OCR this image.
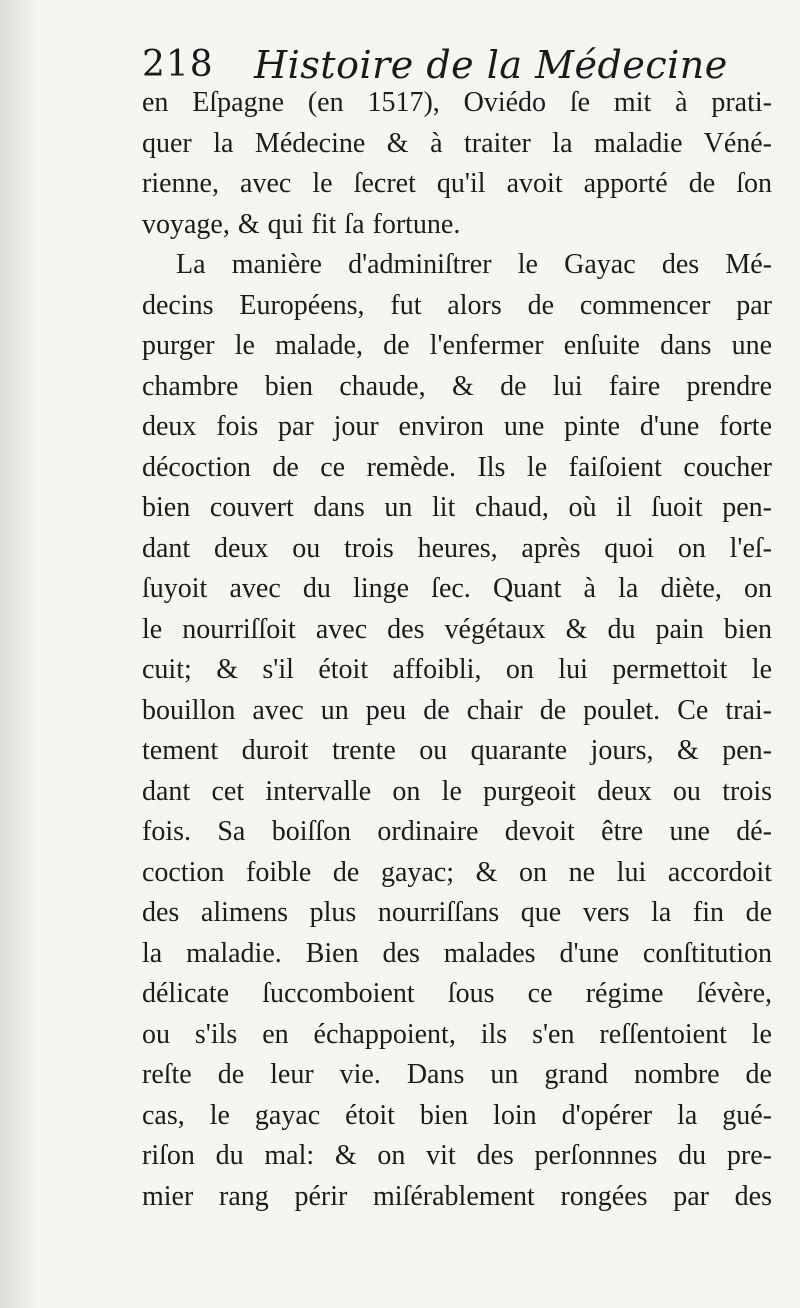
218 Histoire de la Médecine
en Eſpagne (en 1517), Oviédo ſe mit à prati-
quer la Médecine & à traiter la maladie Véné-
rienne, avec le ſecret qu'il avoit apporté de ſon
voyage, & qui fit ſa fortune.
La manière d'adminiſtrer le Gayac des Mé-
decins Européens, fut alors de commencer par
purger le malade, de l'enfermer enſuite dans une
chambre bien chaude, & de lui faire prendre
deux fois par jour environ une pinte d'une forte
décoction de ce remède. Ils le faiſoient coucher
bien couvert dans un lit chaud, où il ſuoit pen-
dant deux ou trois heures, après quoi on l'eſ-
ſuyoit avec du linge ſec. Quant à la diète, on
le nourriſſoit avec des végétaux & du pain bien
cuit; & s'il étoit affoibli, on lui permettoit le
bouillon avec un peu de chair de poulet. Ce trai-
tement duroit trente ou quarante jours, & pen-
dant cet intervalle on le purgeoit deux ou trois
fois. Sa boiſſon ordinaire devoit être une dé-
coction foible de gayac; & on ne lui accordoit
des alimens plus nourriſſans que vers la fin de
la maladie. Bien des malades d'une conſtitution
délicate ſuccomboient ſous ce régime ſévère,
ou s'ils en échappoient, ils s'en reſſentoient le
reſte de leur vie. Dans un grand nombre de
cas, le gayac étoit bien loin d'opérer la gué-
riſon du mal: & on vit des perſonnnes du pre-
mier rang périr miſérablement rongées par des
